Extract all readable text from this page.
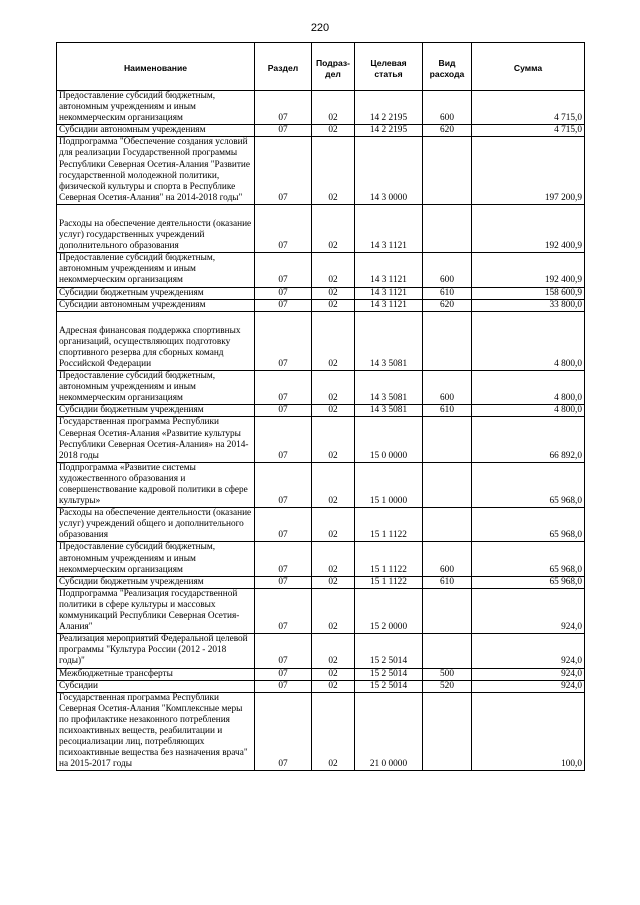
220
Наименование	Раздел	Подраз-дел	Целевая статья	Вид расхода	Сумма
Предоставление субсидий бюджетным, автономным учреждениям и иным некоммерческим организациям	07	02	14 2 2195	600	4 715,0
Субсидии автономным учреждениям	07	02	14 2 2195	620	4 715,0
Подпрограмма "Обеспечение создания условий для реализации Государственной программы Республики Северная Осетия-Алания "Развитие государственной молодежной политики, физической культуры и спорта в Республике Северная Осетия-Алания" на 2014-2018 годы"	07	02	14 3 0000		197 200,9
Расходы на обеспечение деятельности (оказание услуг) государственных учреждений дополнительного образования	07	02	14 3 1121		192 400,9
Предоставление субсидий бюджетным, автономным учреждениям и иным некоммерческим организациям	07	02	14 3 1121	600	192 400,9
Субсидии бюджетным учреждениям	07	02	14 3 1121	610	158 600,9
Субсидии автономным учреждениям	07	02	14 3 1121	620	33 800,0
Адресная финансовая поддержка спортивных организаций, осуществляющих подготовку спортивного резерва для сборных команд Российской Федерации	07	02	14 3 5081		4 800,0
Предоставление субсидий бюджетным, автономным учреждениям и иным некоммерческим организациям	07	02	14 3 5081	600	4 800,0
Субсидии бюджетным учреждениям	07	02	14 3 5081	610	4 800,0
Государственная программа Республики Северная Осетия-Алания «Развитие культуры Республики Северная Осетия-Алания» на 2014-2018 годы	07	02	15 0 0000		66 892,0
Подпрограмма «Развитие системы художественного образования и совершенствование кадровой политики в сфере культуры»	07	02	15 1 0000		65 968,0
Расходы на обеспечение деятельности (оказание услуг) учреждений общего и дополнительного образования	07	02	15 1 1122		65 968,0
Предоставление субсидий бюджетным, автономным учреждениям и иным некоммерческим организациям	07	02	15 1 1122	600	65 968,0
Субсидии бюджетным учреждениям	07	02	15 1 1122	610	65 968,0
Подпрограмма "Реализация государственной политики в сфере культуры и массовых коммуникаций Республики Северная Осетия-Алания"	07	02	15 2 0000		924,0
Реализация мероприятий Федеральной целевой программы "Культура России (2012 - 2018 годы)"	07	02	15 2 5014		924,0
Межбюджетные трансферты	07	02	15 2 5014	500	924,0
Субсидии	07	02	15 2 5014	520	924,0
Государственная программа Республики Северная Осетия-Алания "Комплексные меры по профилактике незаконного потребления психоактивных веществ, реабилитации и ресоциализации лиц, потребляющих психоактивные вещества без назначения врача" на 2015-2017 годы	07	02	21 0 0000		100,0
